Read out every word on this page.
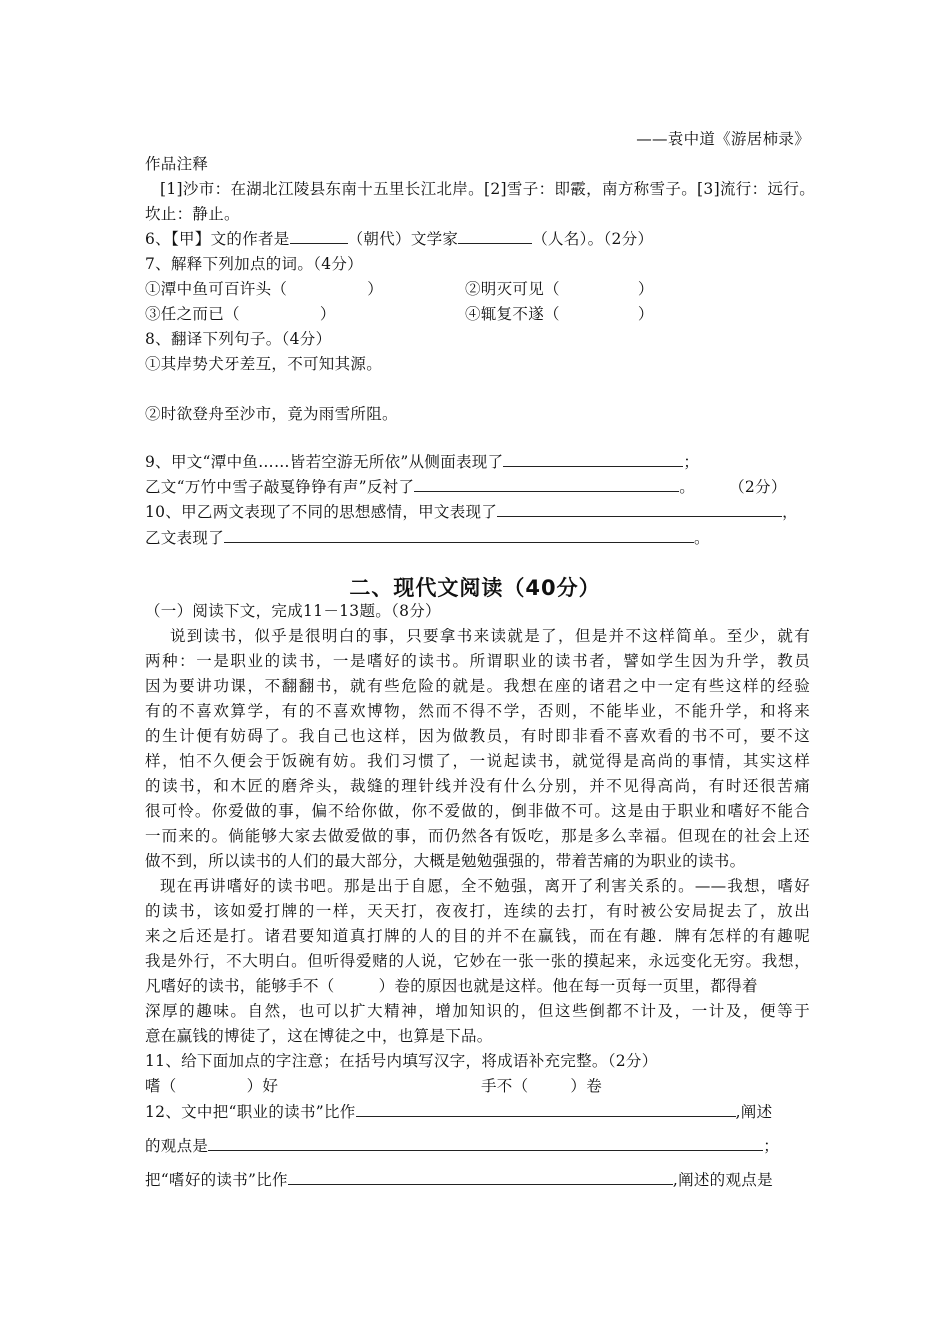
——袁中道《游居柿录》
作品注释
[1]沙市：在湖北江陵县东南十五里长江北岸。[2]雪子：即霰，南方称雪子。[3]流行：远行。
坎止：静止。
6、【甲】文的作者是	（朝代）文学家	（人名）。（2分）
7、解释下列加点的词。（4分）
①潭中鱼可百许头（	）	②明灭可见（	）
③任之而已（	）	④辄复不遂（	）
8、翻译下列句子。（4分）
①其岸势犬牙差互，不可知其源。
②时欲登舟至沙市，竟为雨雪所阻。
9、甲文“潭中鱼……皆若空游无所依”从侧面表现了	；
乙文“万竹中雪子敲戛铮铮有声”反衬了	。 （2分）
10、甲乙两文表现了不同的思想感情，甲文表现了	，
乙文表现了	。
二、现代文阅读（40分）
（一）阅读下文，完成11－13题。（8分）
说到读书，似乎是很明白的事，只要拿书来读就是了，但是并不这样简单。至少，就有
两种：一是职业的读书，一是嗜好的读书。所谓职业的读书者，譬如学生因为升学，教员
因为要讲功课，不翻翻书，就有些危险的就是。我想在座的诸君之中一定有些这样的经验
有的不喜欢算学，有的不喜欢博物，然而不得不学，否则，不能毕业，不能升学，和将来
的生计便有妨碍了。我自己也这样，因为做教员，有时即非看不喜欢看的书不可，要不这
样，怕不久便会于饭碗有妨。我们习惯了，一说起读书，就觉得是高尚的事情，其实这样
的读书，和木匠的磨斧头，裁缝的理针线并没有什么分别，并不见得高尚，有时还很苦痛
很可怜。你爱做的事，偏不给你做，你不爱做的，倒非做不可。这是由于职业和嗜好不能合
一而来的。倘能够大家去做爱做的事，而仍然各有饭吃，那是多么幸福。但现在的社会上还
做不到，所以读书的人们的最大部分，大概是勉勉强强的，带着苦痛的为职业的读书。
现在再讲嗜好的读书吧。那是出于自愿，全不勉强，离开了利害关系的。——我想，嗜好
的读书，该如爱打牌的一样，天天打，夜夜打，连续的去打，有时被公安局捉去了，放出
来之后还是打。诸君要知道真打牌的人的目的并不在赢钱，而在有趣．牌有怎样的有趣呢
我是外行，不大明白。但听得爱赌的人说，它妙在一张一张的摸起来，永远变化无穷。我想，
凡嗜好的读书，能够手不（	）卷的原因也就是这样。他在每一页每一页里，都得着
深厚的趣味。自然，也可以扩大精神，增加知识的，但这些倒都不计及，一计及，便等于
意在赢钱的博徒了，这在博徒之中，也算是下品。
11、给下面加点的字注意；在括号内填写汉字，将成语补充完整。（2分）
嗜（	）好	手不（	）卷
12、文中把“职业的读书”比作	,阐述
的观点是	；
把“嗜好的读书”比作	,阐述的观点是
